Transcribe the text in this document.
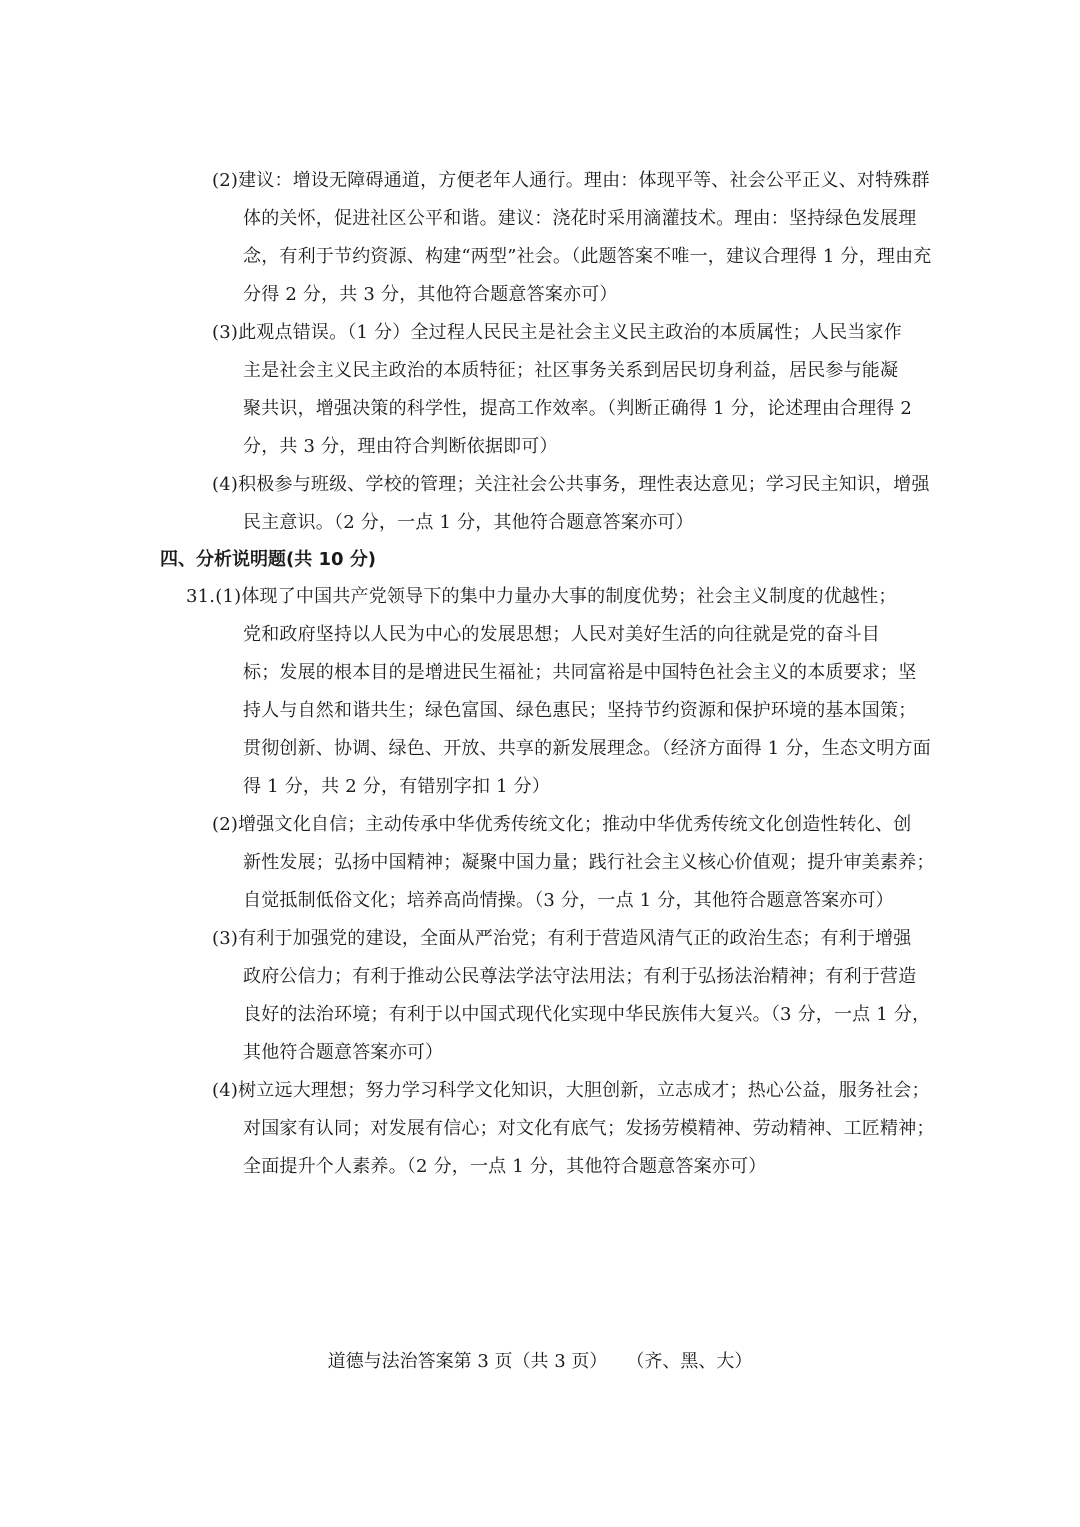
(2)建议：增设无障碍通道，方便老年人通行。理由：体现平等、社会公平正义、对特殊群
体的关怀，促进社区公平和谐。建议：浇花时采用滴灌技术。理由：坚持绿色发展理
念，有利于节约资源、构建“两型”社会。（此题答案不唯一，建议合理得 1 分，理由充
分得 2 分，共 3 分，其他符合题意答案亦可）
(3)此观点错误。（1 分）全过程人民民主是社会主义民主政治的本质属性；人民当家作
主是社会主义民主政治的本质特征；社区事务关系到居民切身利益，居民参与能凝
聚共识，增强决策的科学性，提高工作效率。（判断正确得 1 分，论述理由合理得 2
分，共 3 分，理由符合判断依据即可）
(4)积极参与班级、学校的管理；关注社会公共事务，理性表达意见；学习民主知识，增强
民主意识。（2 分，一点 1 分，其他符合题意答案亦可）
四、分析说明题(共 10 分)
31.(1)体现了中国共产党领导下的集中力量办大事的制度优势；社会主义制度的优越性；
党和政府坚持以人民为中心的发展思想；人民对美好生活的向往就是党的奋斗目
标；发展的根本目的是增进民生福祉；共同富裕是中国特色社会主义的本质要求；坚
持人与自然和谐共生；绿色富国、绿色惠民；坚持节约资源和保护环境的基本国策；
贯彻创新、协调、绿色、开放、共享的新发展理念。（经济方面得 1 分，生态文明方面
得 1 分，共 2 分，有错别字扣 1 分）
(2)增强文化自信；主动传承中华优秀传统文化；推动中华优秀传统文化创造性转化、创
新性发展；弘扬中国精神；凝聚中国力量；践行社会主义核心价值观；提升审美素养；
自觉抵制低俗文化；培养高尚情操。（3 分，一点 1 分，其他符合题意答案亦可）
(3)有利于加强党的建设，全面从严治党；有利于营造风清气正的政治生态；有利于增强
政府公信力；有利于推动公民尊法学法守法用法；有利于弘扬法治精神；有利于营造
良好的法治环境；有利于以中国式现代化实现中华民族伟大复兴。（3 分，一点 1 分，
其他符合题意答案亦可）
(4)树立远大理想；努力学习科学文化知识，大胆创新，立志成才；热心公益，服务社会；
对国家有认同；对发展有信心；对文化有底气；发扬劳模精神、劳动精神、工匠精神；
全面提升个人素养。（2 分，一点 1 分，其他符合题意答案亦可）
道德与法治答案第 3 页（共 3 页） （齐、黑、大）
